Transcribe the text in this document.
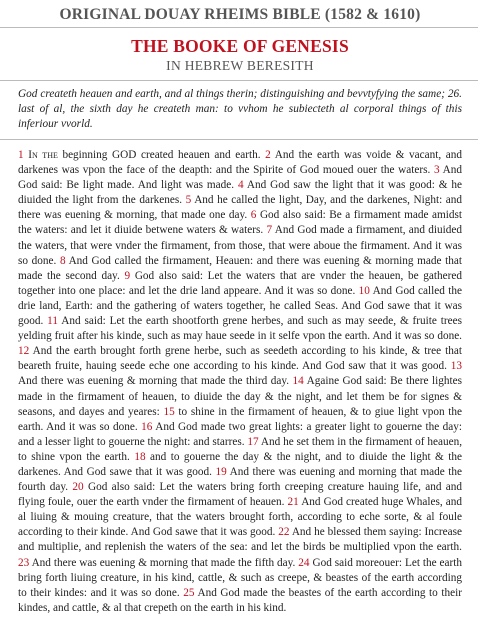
ORIGINAL DOUAY RHEIMS BIBLE (1582 & 1610)
THE BOOKE OF GENESIS
IN HEBREW BERESITH

God createth heauen and earth, and al things therin; distinguishing and bevvtyfying the same; 26. last of al, the sixth day he createth man: to vvhom he subiecteth al corporal things of this inferiour vvorld.

1 In the beginning GOD created heauen and earth. 2 And the earth was voide & vacant, and darkenes was vpon the face of the deapth: and the Spirite of God moued ouer the waters. 3 And God said: Be light made. And light was made. 4 And God saw the light that it was good: & he diuided the light from the darkenes. 5 And he called the light, Day, and the darkenes, Night: and there was euening & morning, that made one day. 6 God also said: Be a firmament made amidst the waters: and let it diuide betwene waters & waters. 7 And God made a firmament, and diuided the waters, that were vnder the firmament, from those, that were aboue the firmament. And it was so done. 8 And God called the firmament, Heauen: and there was euening & morning made that made the second day. 9 God also said: Let the waters that are vnder the heauen, be gathered together into one place: and let the drie land appeare. And it was so done. 10 And God called the drie land, Earth: and the gathering of waters together, he called Seas. And God sawe that it was good. 11 And said: Let the earth shootforth grene herbes, and such as may seede, & fruite trees yelding fruit after his kinde, such as may haue seede in it selfe vpon the earth. And it was so done. 12 And the earth brought forth grene herbe, such as seedeth according to his kinde, & tree that beareth fruite, hauing seede eche one according to his kinde. And God saw that it was good. 13 And there was euening & morning that made the third day. 14 Againe God said: Be there lightes made in the firmament of heauen, to diuide the day & the night, and let them be for signes & seasons, and dayes and yeares: 15 to shine in the firmament of heauen, & to giue light vpon the earth. And it was so done. 16 And God made two great lights: a greater light to gouerne the day: and a lesser light to gouerne the night: and starres. 17 And he set them in the firmament of heauen, to shine vpon the earth. 18 and to gouerne the day & the night, and to diuide the light & the darkenes. And God sawe that it was good. 19 And there was euening and morning that made the fourth day. 20 God also said: Let the waters bring forth creeping creature hauing life, and and flying foule, ouer the earth vnder the firmament of heauen. 21 And God created huge Whales, and al liuing & mouing creature, that the waters brought forth, according to eche sorte, & al foule according to their kinde. And God sawe that it was good. 22 And he blessed them saying: Increase and multiplie, and replenish the waters of the sea: and let the birds be multiplied vpon the earth. 23 And there was euening & morning that made the fifth day. 24 God said moreouer: Let the earth bring forth liuing creature, in his kind, cattle, & such as creepe, & beastes of the earth according to their kindes: and it was so done. 25 And God made the beastes of the earth according to their kindes, and cattle, & al that crepeth on the earth in his kind.
